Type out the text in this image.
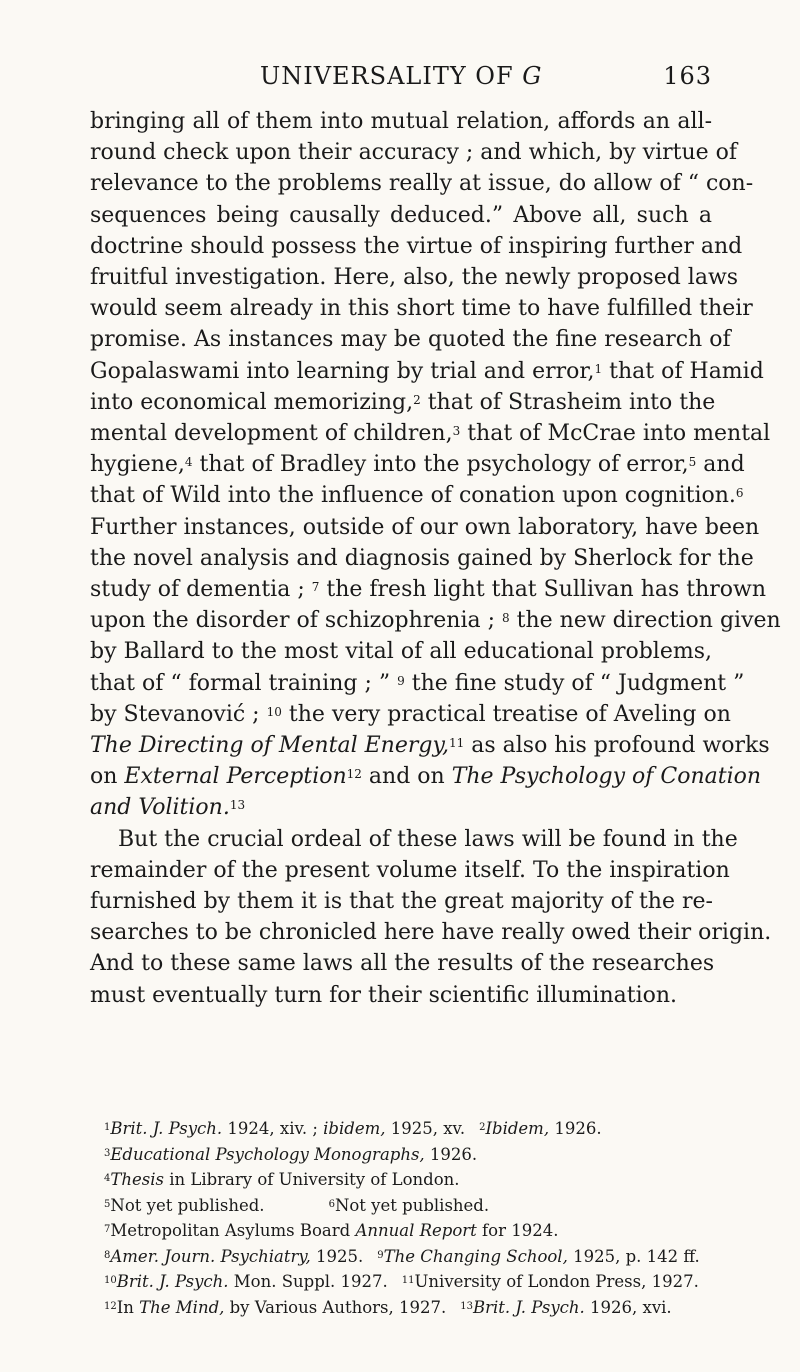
UNIVERSALITY OF G	163
bringing all of them into mutual relation, affords an all-
round check upon their accuracy ; and which, by virtue of
relevance to the problems really at issue, do allow of “ con-
sequences being causally deduced.” Above all, such a
doctrine should possess the virtue of inspiring further and
fruitful investigation. Here, also, the newly proposed laws
would seem already in this short time to have fulfilled their
promise. As instances may be quoted the fine research of
Gopalaswami into learning by trial and error,$^1$ that of Hamid
into economical memorizing,$^2$ that of Strasheim into the
mental development of children,$^3$ that of McCrae into mental
hygiene,$^4$ that of Bradley into the psychology of error,$^5$ and
that of Wild into the influence of conation upon cognition.$^6$
Further instances, outside of our own laboratory, have been
the novel analysis and diagnosis gained by Sherlock for the
study of dementia ; $^7$ the fresh light that Sullivan has thrown
upon the disorder of schizophrenia ; $^8$ the new direction given
by Ballard to the most vital of all educational problems,
that of “ formal training ; ” $^9$ the fine study of “ Judgment ”
by Stevanović ; $^{10}$ the very practical treatise of Aveling on
The Directing of Mental Energy,$^{11}$ as also his profound works
on External Perception$^{12}$ and on The Psychology of Conation
and Volition.$^{13}$
But the crucial ordeal of these laws will be found in the
remainder of the present volume itself. To the inspiration
furnished by them it is that the great majority of the re-
searches to be chronicled here have really owed their origin.
And to these same laws all the results of the researches
must eventually turn for their scientific illumination.
$^1$Brit. J. Psych. 1924, xiv. ; ibidem, 1925, xv. $^2$Ibidem, 1926.
$^3$Educational Psychology Monographs, 1926.
$^4$Thesis in Library of University of London.
$^5$Not yet published.	$^6$Not yet published.
$^7$Metropolitan Asylums Board Annual Report for 1924.
$^8$Amer. Journ. Psychiatry, 1925. $^9$The Changing School, 1925, p. 142 ff.
$^{10}$Brit. J. Psych. Mon. Suppl. 1927. $^{11}$University of London Press, 1927.
$^{12}$In The Mind, by Various Authors, 1927. $^{13}$Brit. J. Psych. 1926, xvi.
